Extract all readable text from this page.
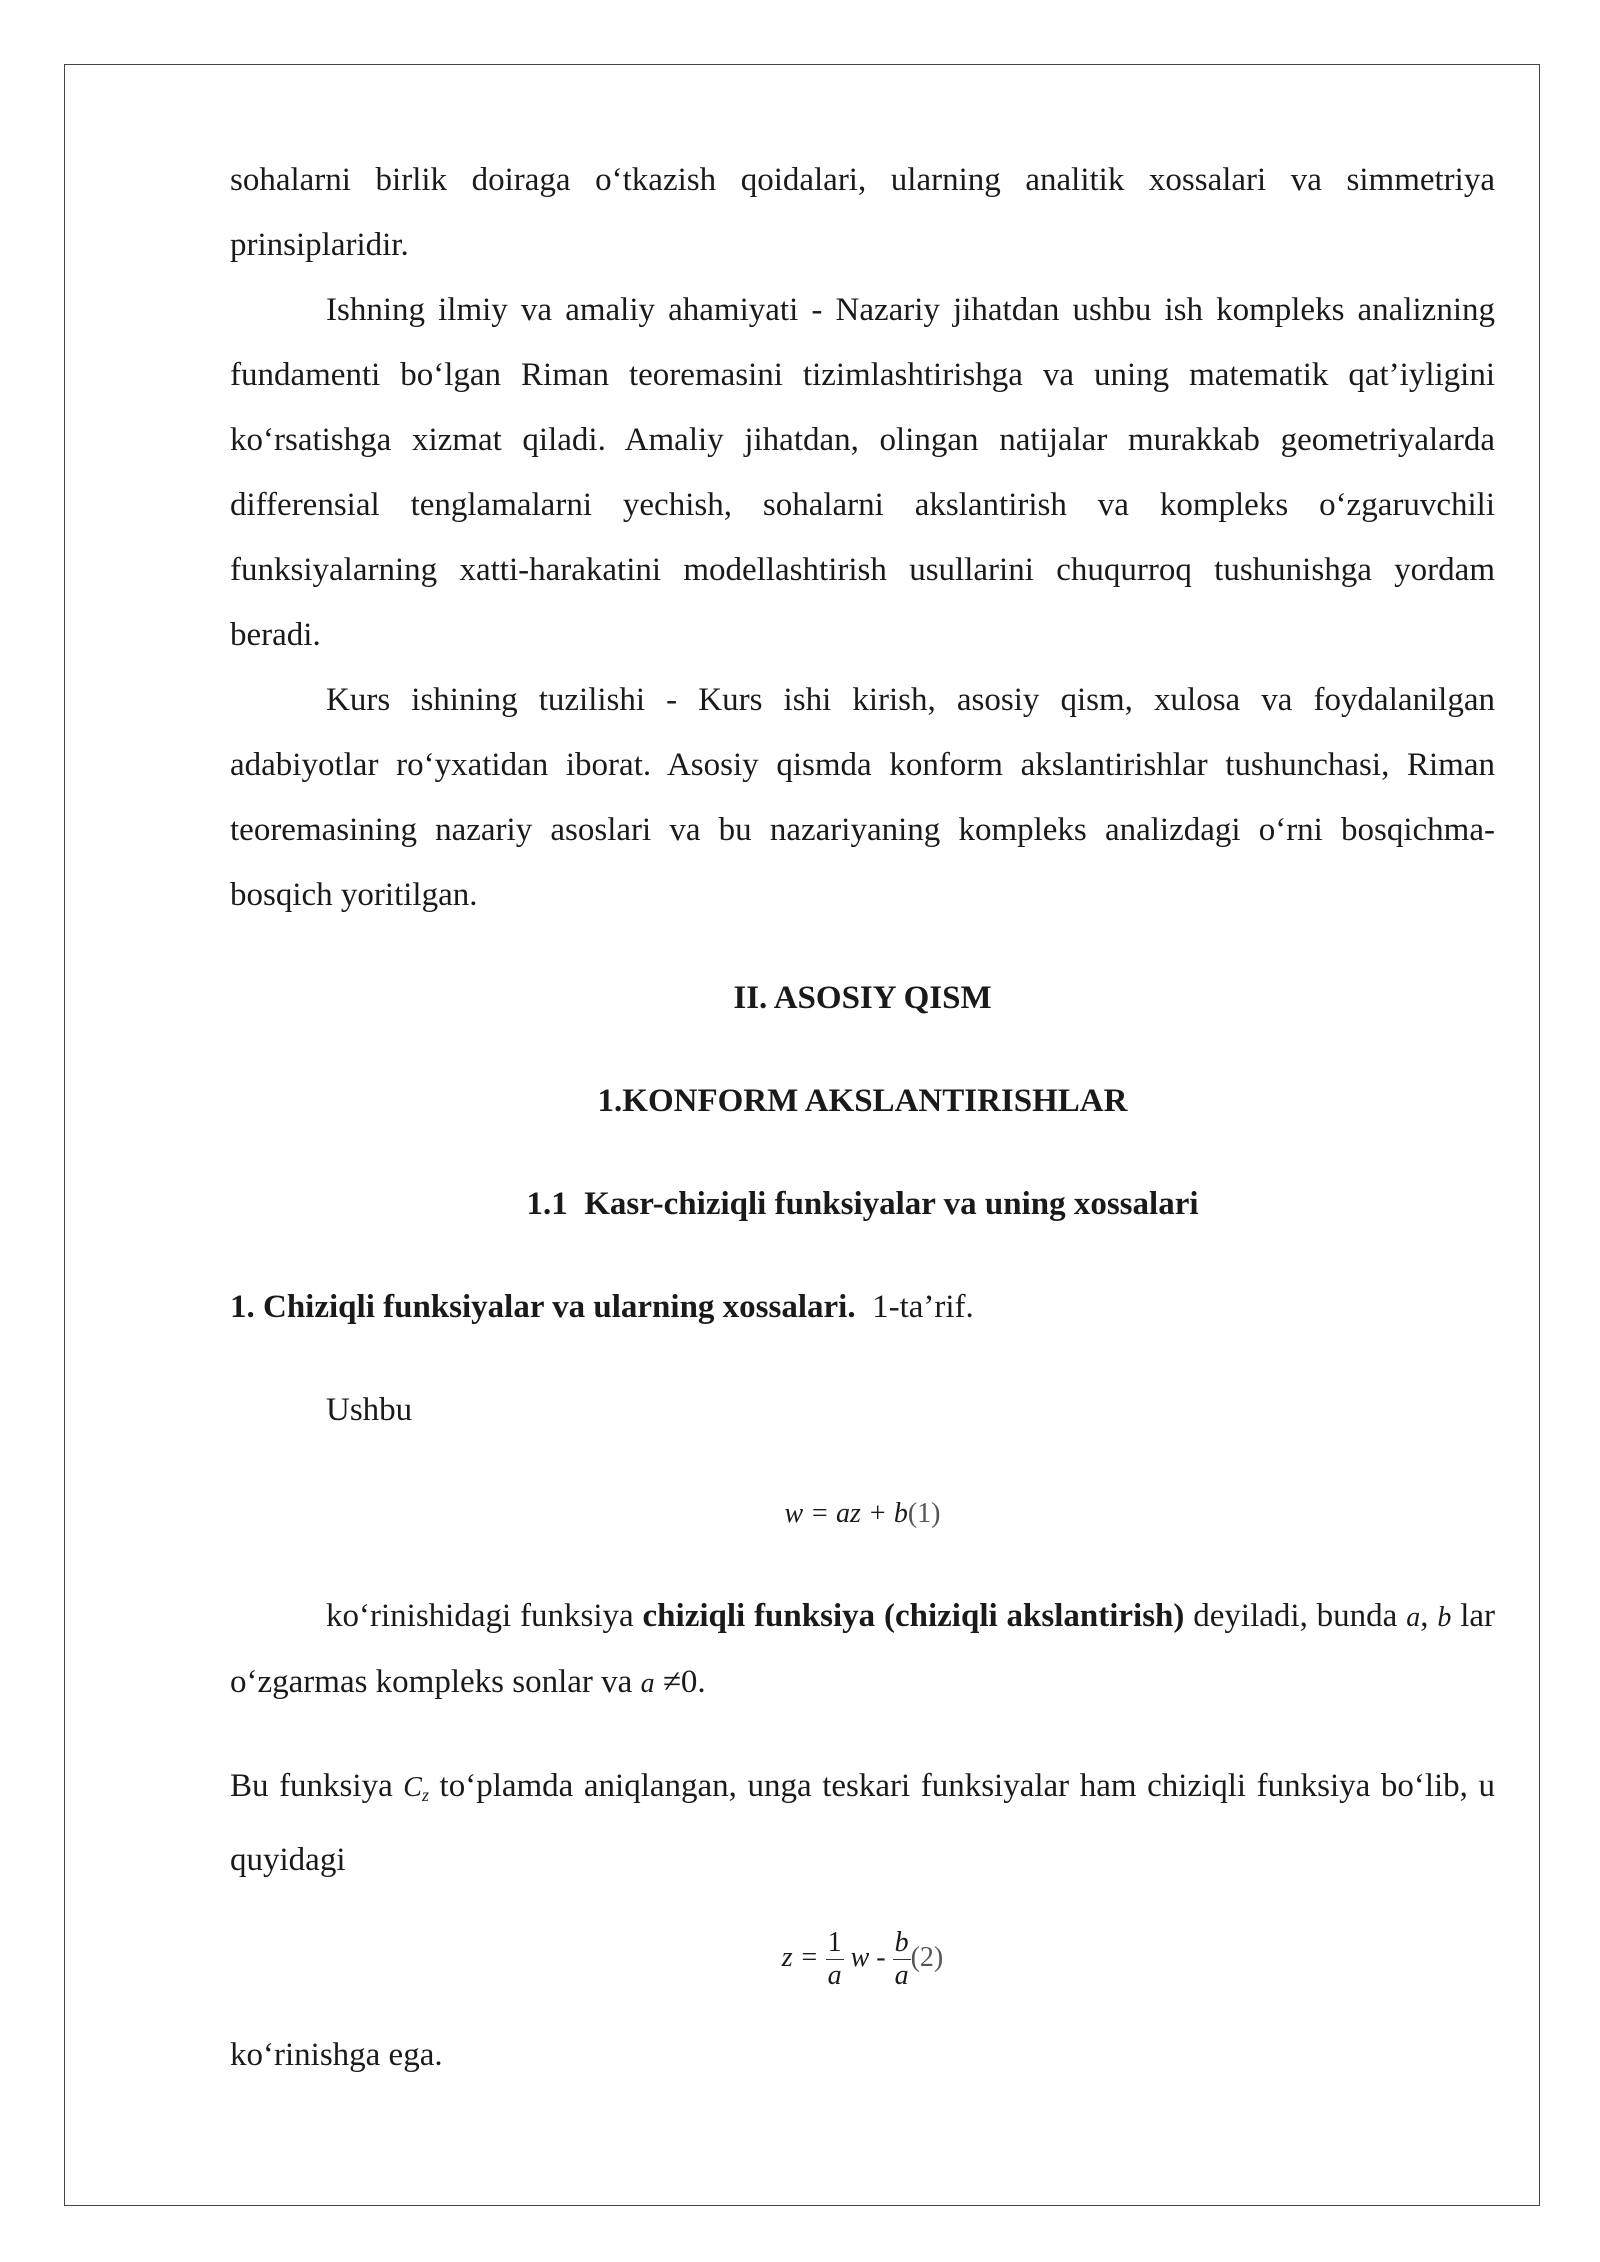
sohalarni birlik doiraga o‘tkazish qoidalari, ularning analitik xossalari va simmetriya prinsiplaridir.

Ishning ilmiy va amaliy ahamiyati - Nazariy jihatdan ushbu ish kompleks analizning fundamenti bo‘lgan Riman teoremasini tizimlashtirishga va uning matematik qat’iyligini ko‘rsatishga xizmat qiladi. Amaliy jihatdan, olingan natijalar murakkab geometriyalarda differensial tenglamalarni yechish, sohalarni akslantirish va kompleks o‘zgaruvchili funksiyalarning xatti-harakatini modellashtirish usullarini chuqurroq tushunishga yordam beradi.

Kurs ishining tuzilishi - Kurs ishi kirish, asosiy qism, xulosa va foydalanilgan adabiyotlar ro‘yxatidan iborat. Asosiy qismda konform akslantirishlar tushunchasi, Riman teoremasining nazariy asoslari va bu nazariyaning kompleks analizdagi o‘rni bosqichma-bosqich yoritilgan.

II. ASOSIY QISM

1.KONFORM AKSLANTIRISHLAR

1.1  Kasr-chiziqli funksiyalar va uning xossalari

1. Chiziqli funksiyalar va ularning xossalari. 1-ta’rif.

Ushbu

w = az + b(1)

ko‘rinishidagi funksiya chiziqli funksiya (chiziqli akslantirish) deyiladi, bunda a, b lar o‘zgarmas kompleks sonlar va a ≠0.

Bu funksiya $C_z$ to‘plamda aniqlangan, unga teskari funksiyalar ham chiziqli funksiya bo‘lib, u quyidagi

$z = \frac{1}{a}$ w - $\frac{b}{a} (2)$

ko‘rinishga ega.
